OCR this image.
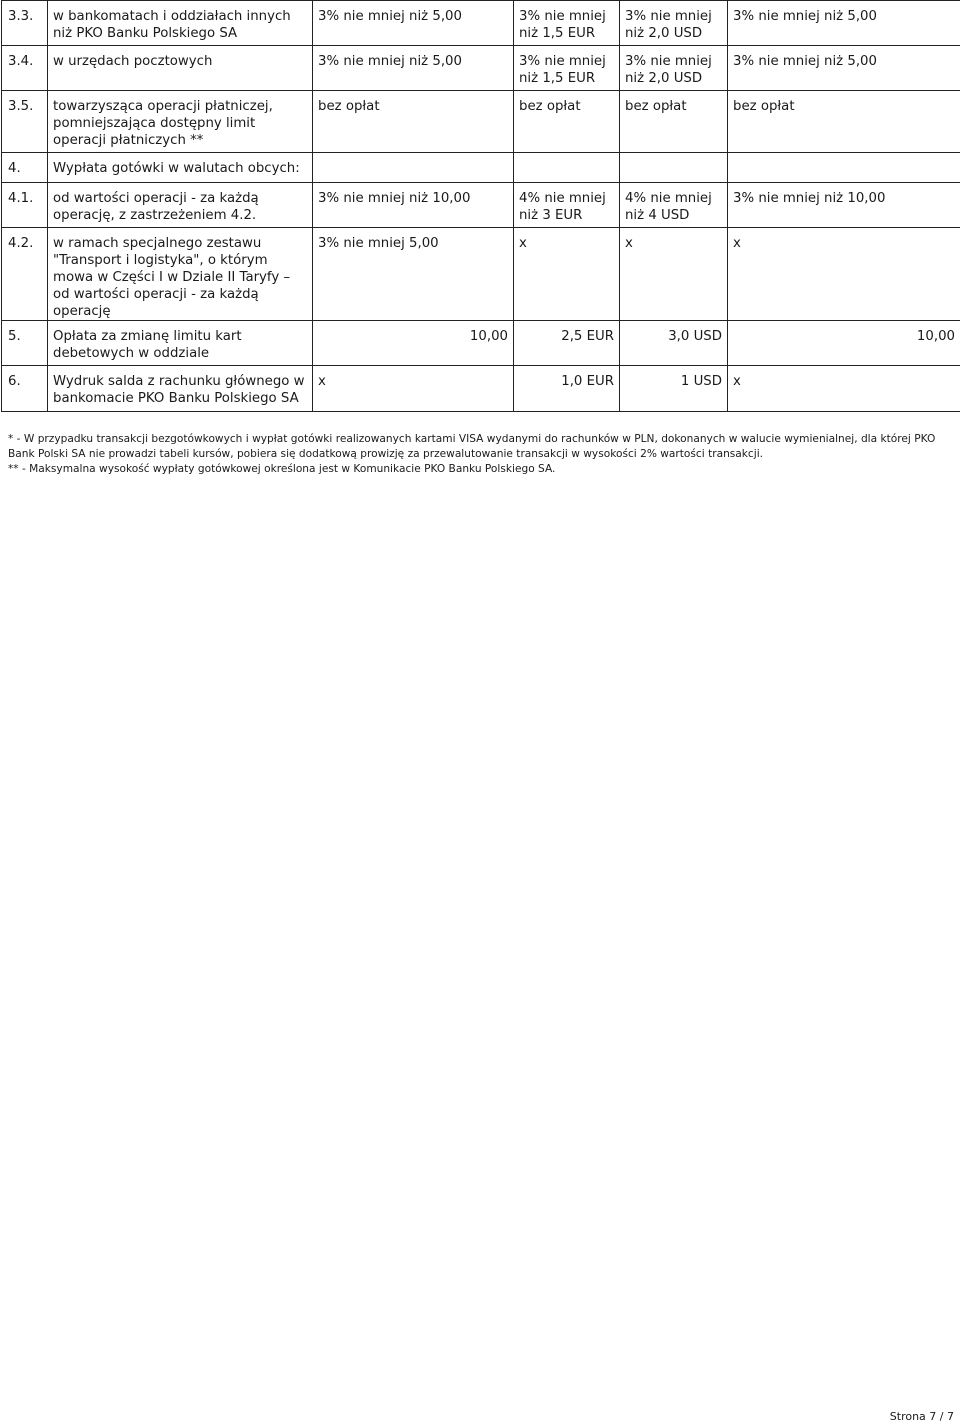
3.3.	w bankomatach i oddziałach innych niż PKO Banku Polskiego SA	3% nie mniej niż 5,00	3% nie mniej niż 1,5 EUR	3% nie mniej niż 2,0 USD	3% nie mniej niż 5,00
3.4.	w urzędach pocztowych	3% nie mniej niż 5,00	3% nie mniej niż 1,5 EUR	3% nie mniej niż 2,0 USD	3% nie mniej niż 5,00
3.5.	towarzysząca operacji płatniczej, pomniejszająca dostępny limit operacji płatniczych **	bez opłat	bez opłat	bez opłat	bez opłat
4.	Wypłata gotówki w walutach obcych:				
4.1.	od wartości operacji - za każdą operację, z zastrzeżeniem 4.2.	3% nie mniej niż 10,00	4% nie mniej niż 3 EUR	4% nie mniej niż 4 USD	3% nie mniej niż 10,00
4.2.	w ramach specjalnego zestawu "Transport i logistyka", o którym mowa w Części I w Dziale II Taryfy – od wartości operacji - za każdą operację	3% nie mniej 5,00	x	x	x
5.	Opłata za zmianę limitu kart debetowych w oddziale	10,00	2,5 EUR	3,0 USD	10,00
6.	Wydruk salda z rachunku głównego w bankomacie PKO Banku Polskiego SA	x	1,0 EUR	1 USD	x

* - W przypadku transakcji bezgotówkowych i wypłat gotówki realizowanych kartami VISA wydanymi do rachunków w PLN, dokonanych w walucie wymienialnej, dla której PKO Bank Polski SA nie prowadzi tabeli kursów, pobiera się dodatkową prowizję za przewalutowanie transakcji w wysokości 2% wartości transakcji.

** - Maksymalna wysokość wypłaty gotówkowej określona jest w Komunikacie PKO Banku Polskiego SA.

Strona 7 / 7
